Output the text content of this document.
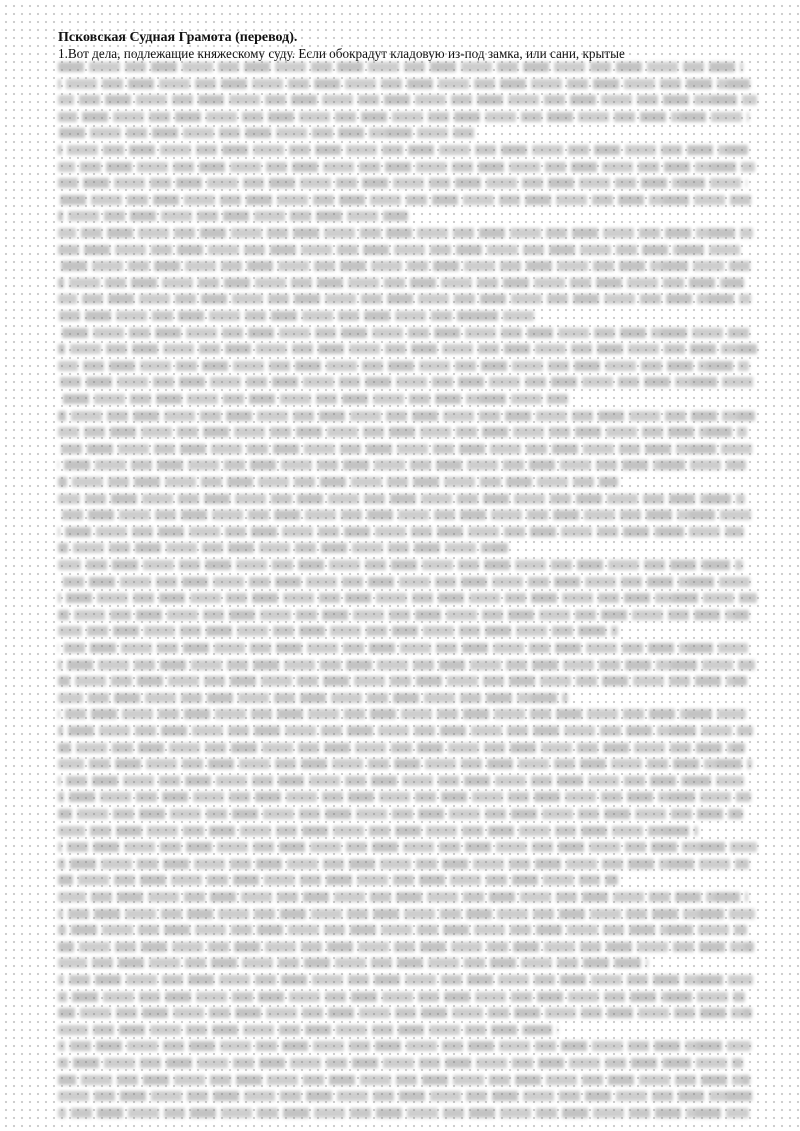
Псковская Судная Грамота (перевод).

1.Вот дела, подлежащие княжескому суду. Если обокрадут кладовую из-под замка, или сани, крытые
